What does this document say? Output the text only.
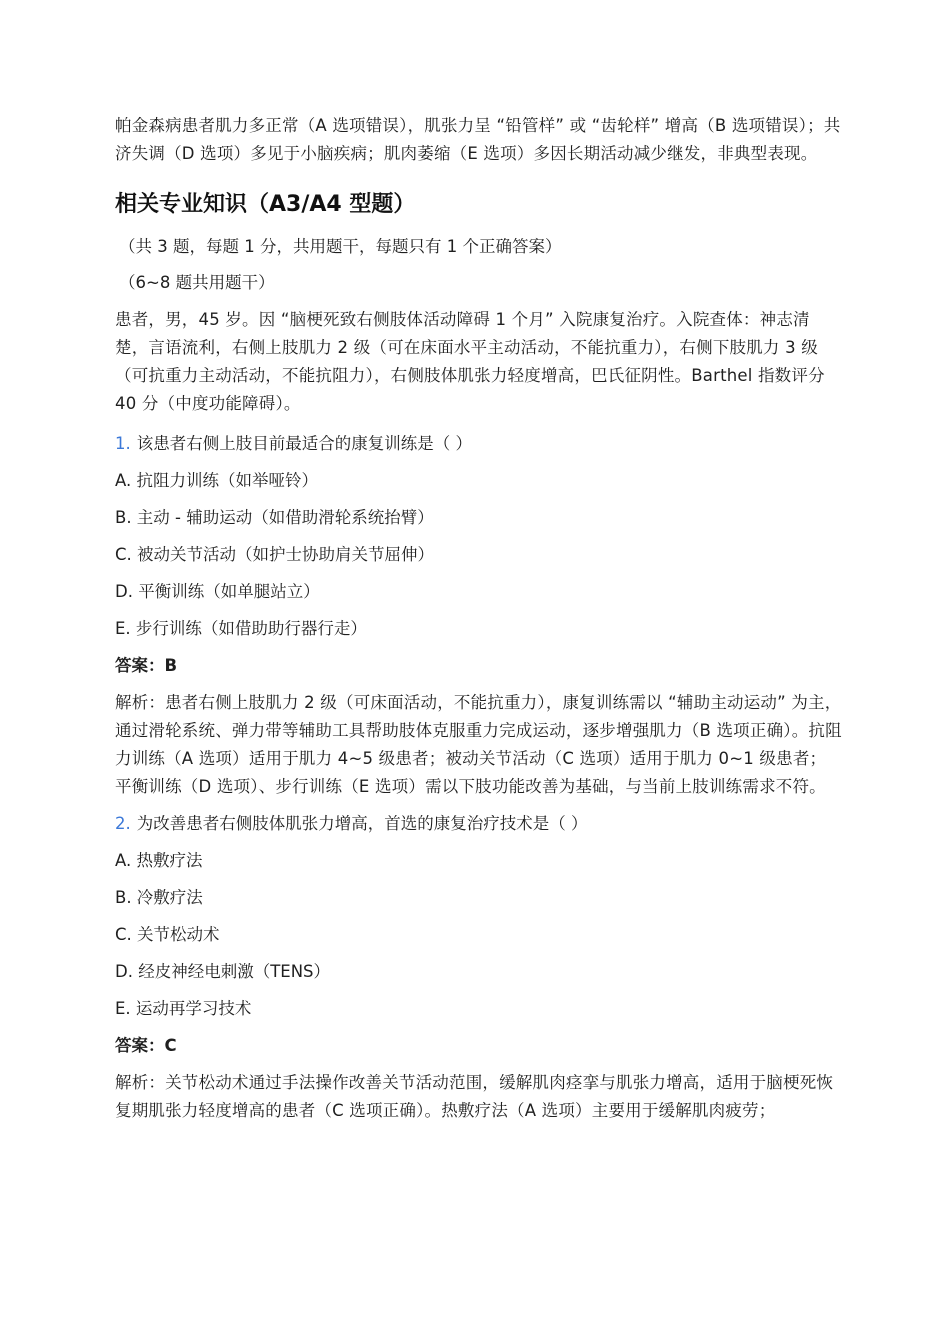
帕金森病患者肌力多正常（A 选项错误），肌张力呈 “铅管样” 或 “齿轮样” 增高（B 选项错误）；共济失调（D 选项）多见于小脑疾病；肌肉萎缩（E 选项）多因长期活动减少继发，非典型表现。

相关专业知识（A3/A4 型题）

（共 3 题，每题 1 分，共用题干，每题只有 1 个正确答案）

（6~8 题共用题干）

患者，男，45 岁。因 “脑梗死致右侧肢体活动障碍 1 个月” 入院康复治疗。入院查体：神志清楚，言语流利，右侧上肢肌力 2 级（可在床面水平主动活动，不能抗重力），右侧下肢肌力 3 级（可抗重力主动活动，不能抗阻力），右侧肢体肌张力轻度增高，巴氏征阴性。Barthel 指数评分 40 分（中度功能障碍）。

1. 该患者右侧上肢目前最适合的康复训练是（ ）

A. 抗阻力训练（如举哑铃）

B. 主动 - 辅助运动（如借助滑轮系统抬臂）

C. 被动关节活动（如护士协助肩关节屈伸）

D. 平衡训练（如单腿站立）

E. 步行训练（如借助助行器行走）

答案：B

解析：患者右侧上肢肌力 2 级（可床面活动，不能抗重力），康复训练需以 “辅助主动运动” 为主，通过滑轮系统、弹力带等辅助工具帮助肢体克服重力完成运动，逐步增强肌力（B 选项正确）。抗阻力训练（A 选项）适用于肌力 4~5 级患者；被动关节活动（C 选项）适用于肌力 0~1 级患者；平衡训练（D 选项）、步行训练（E 选项）需以下肢功能改善为基础，与当前上肢训练需求不符。

2. 为改善患者右侧肢体肌张力增高，首选的康复治疗技术是（ ）

A. 热敷疗法

B. 冷敷疗法

C. 关节松动术

D. 经皮神经电刺激（TENS）

E. 运动再学习技术

答案：C

解析：关节松动术通过手法操作改善关节活动范围，缓解肌肉痉挛与肌张力增高，适用于脑梗死恢复期肌张力轻度增高的患者（C 选项正确）。热敷疗法（A 选项）主要用于缓解肌肉疲劳；
